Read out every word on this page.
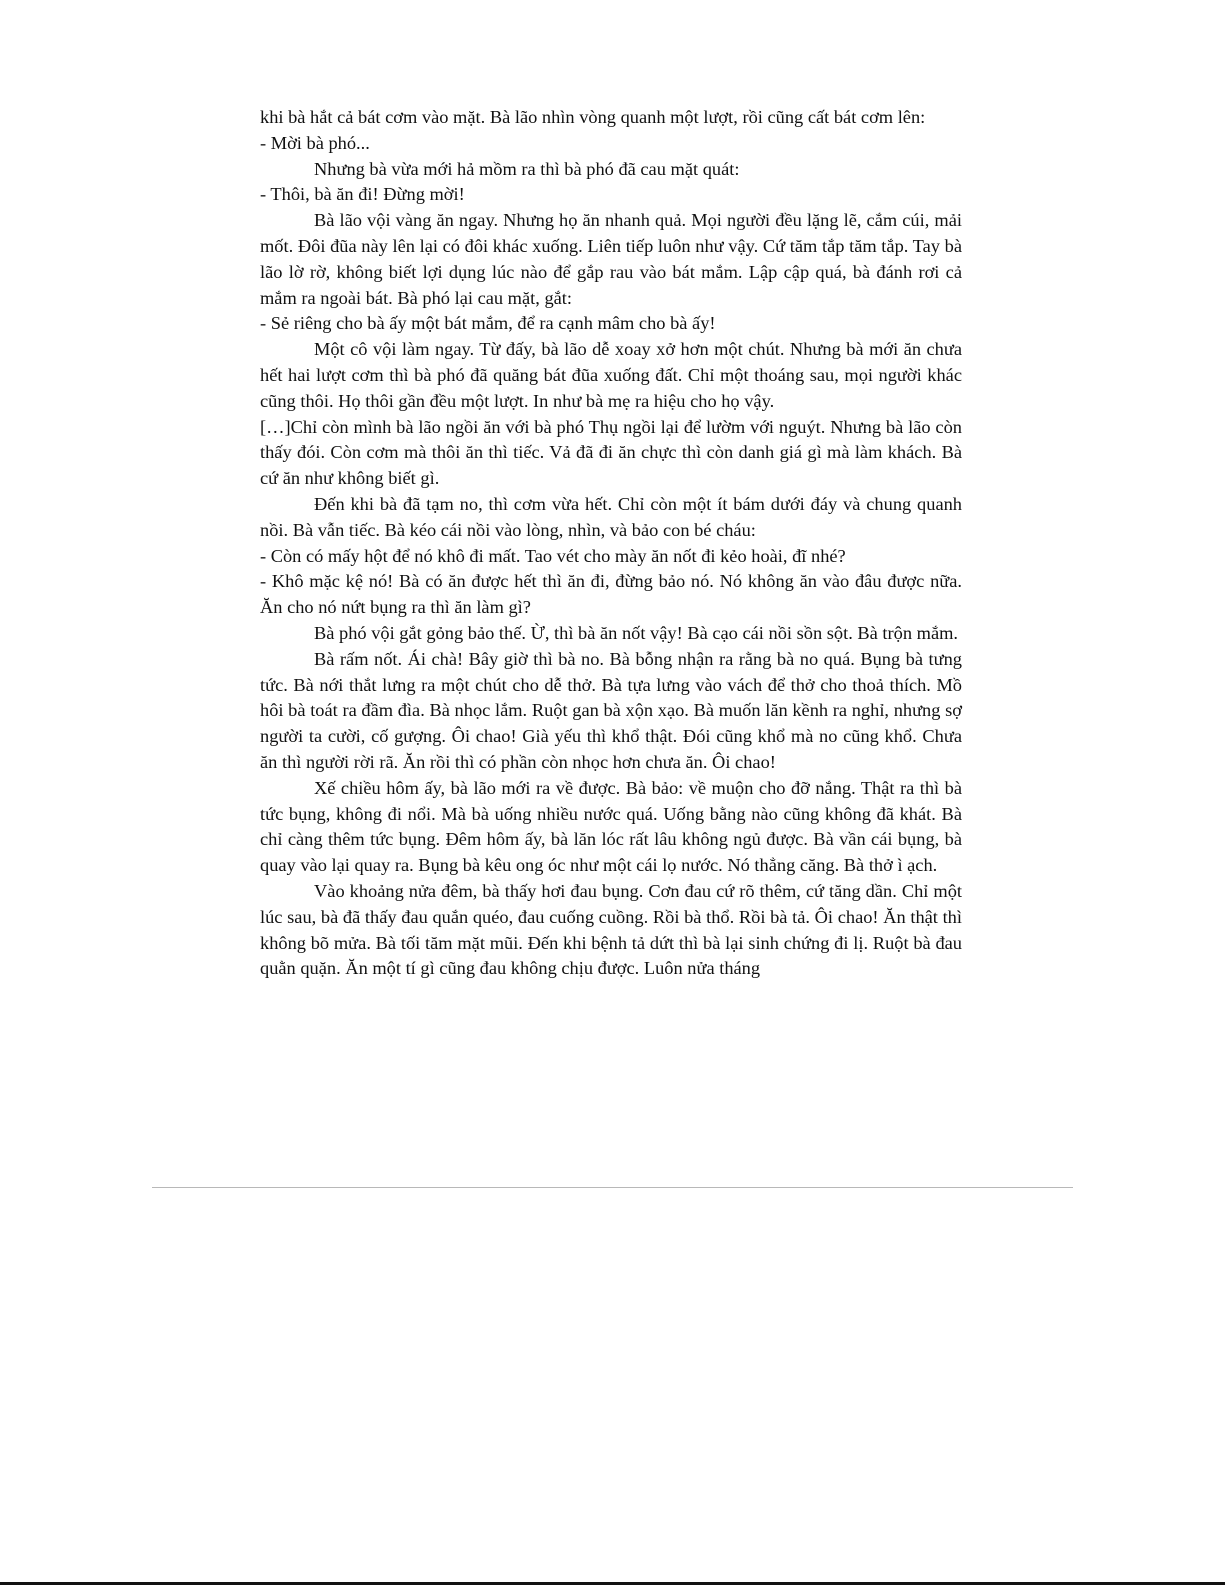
khi bà hắt cả bát cơm vào mặt. Bà lão nhìn vòng quanh một lượt, rồi cũng cất bát cơm lên:

- Mời bà phó...

Nhưng bà vừa mới hả mồm ra thì bà phó đã cau mặt quát:

- Thôi, bà ăn đi! Đừng mời!

Bà lão vội vàng ăn ngay. Nhưng họ ăn nhanh quả. Mọi người đều lặng lẽ, cắm cúi, mải mốt. Đôi đũa này lên lại có đôi khác xuống. Liên tiếp luôn như vậy. Cứ tăm tắp tăm tắp. Tay bà lão lờ rờ, không biết lợi dụng lúc nào để gắp rau vào bát mắm. Lập cập quá, bà đánh rơi cả mắm ra ngoài bát. Bà phó lại cau mặt, gắt:

- Sẻ riêng cho bà ấy một bát mắm, để ra cạnh mâm cho bà ấy!

Một cô vội làm ngay. Từ đấy, bà lão dễ xoay xở hơn một chút. Nhưng bà mới ăn chưa hết hai lượt cơm thì bà phó đã quăng bát đũa xuống đất. Chỉ một thoáng sau, mọi người khác cũng thôi. Họ thôi gần đều một lượt. In như bà mẹ ra hiệu cho họ vậy.

[…]Chỉ còn mình bà lão ngồi ăn với bà phó Thụ ngồi lại để lườm với nguýt. Nhưng bà lão còn thấy đói. Còn cơm mà thôi ăn thì tiếc. Vả đã đi ăn chực thì còn danh giá gì mà làm khách. Bà cứ ăn như không biết gì.

Đến khi bà đã tạm no, thì cơm vừa hết. Chỉ còn một ít bám dưới đáy và chung quanh nồi. Bà vẫn tiếc. Bà kéo cái nồi vào lòng, nhìn, và bảo con bé cháu:

- Còn có mấy hột để nó khô đi mất. Tao vét cho mày ăn nốt đi kẻo hoài, đĩ nhé?

- Khô mặc kệ nó! Bà có ăn được hết thì ăn đi, đừng bảo nó. Nó không ăn vào đâu được nữa. Ăn cho nó nứt bụng ra thì ăn làm gì?

Bà phó vội gắt gỏng bảo thế. Ừ, thì bà ăn nốt vậy! Bà cạo cái nồi sồn sột. Bà trộn mắm.

Bà rấm nốt. Ái chà! Bây giờ thì bà no. Bà bỗng nhận ra rằng bà no quá. Bụng bà tưng tức. Bà nới thắt lưng ra một chút cho dễ thở. Bà tựa lưng vào vách để thở cho thoả thích. Mồ hôi bà toát ra đầm đìa. Bà nhọc lắm. Ruột gan bà xộn xạo. Bà muốn lăn kềnh ra nghỉ, nhưng sợ người ta cười, cố gượng. Ôi chao! Già yếu thì khổ thật. Đói cũng khổ mà no cũng khổ. Chưa ăn thì người rời rã. Ăn rồi thì có phần còn nhọc hơn chưa ăn. Ôi chao!

Xế chiều hôm ấy, bà lão mới ra về được. Bà bảo: về muộn cho đỡ nắng. Thật ra thì bà tức bụng, không đi nổi. Mà bà uống nhiều nước quá. Uống bằng nào cũng không đã khát. Bà chỉ càng thêm tức bụng. Đêm hôm ấy, bà lăn lóc rất lâu không ngủ được. Bà vần cái bụng, bà quay vào lại quay ra. Bụng bà kêu ong óc như một cái lọ nước. Nó thẳng căng. Bà thở ì ạch.

Vào khoảng nửa đêm, bà thấy hơi đau bụng. Cơn đau cứ rõ thêm, cứ tăng dần. Chỉ một lúc sau, bà đã thấy đau quắn quéo, đau cuống cuồng. Rồi bà thổ. Rồi bà tả. Ôi chao! Ăn thật thì không bõ mửa. Bà tối tăm mặt mũi. Đến khi bệnh tả dứt thì bà lại sinh chứng đi lị. Ruột bà đau quằn quặn. Ăn một tí gì cũng đau không chịu được. Luôn nửa tháng
